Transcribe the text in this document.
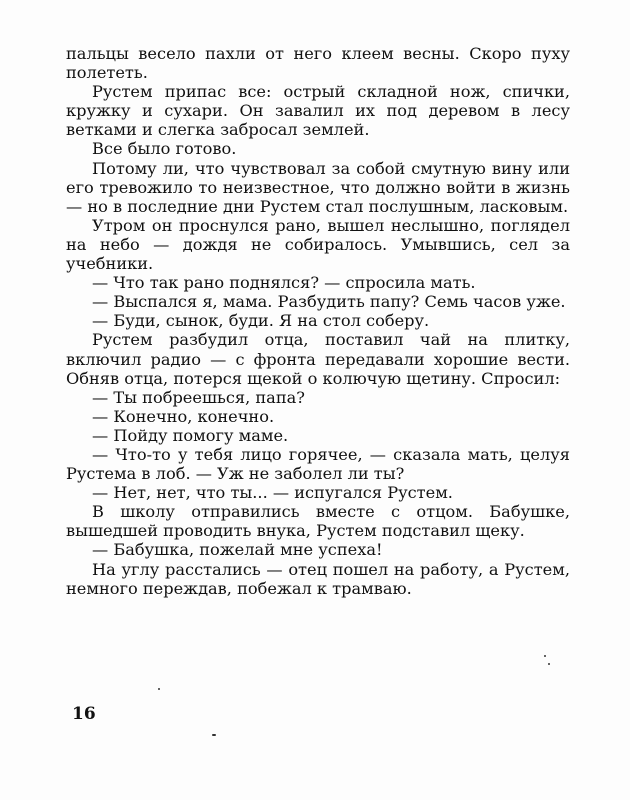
пальцы весело пахли от него клеем весны. Скоро пуху полететь.

Рустем припас все: острый складной нож, спички, кружку и сухари. Он завалил их под деревом в лесу ветками и слегка забросал землей.

Все было готово.

Потому ли, что чувствовал за собой смутную вину или его тревожило то неизвестное, что должно войти в жизнь — но в последние дни Рустем стал послушным, ласковым.

Утром он проснулся рано, вышел неслышно, поглядел на небо — дождя не собиралось. Умывшись, сел за учебники.

— Что так рано поднялся? — спросила мать.

— Выспался я, мама. Разбудить папу? Семь часов уже.

— Буди, сынок, буди. Я на стол соберу.

Рустем разбудил отца, поставил чай на плитку, включил радио — с фронта передавали хорошие вести. Обняв отца, потерся щекой о колючую щетину. Спросил:

— Ты побреешься, папа?

— Конечно, конечно.

— Пойду помогу маме.

— Что-то у тебя лицо горячее, — сказала мать, целуя Рустема в лоб. — Уж не заболел ли ты?

— Нет, нет, что ты... — испугался Рустем.

В школу отправились вместе с отцом. Бабушке, вышедшей проводить внука, Рустем подставил щеку.

— Бабушка, пожелай мне успеха!

На углу расстались — отец пошел на работу, а Рустем, немного переждав, побежал к трамваю.

16
